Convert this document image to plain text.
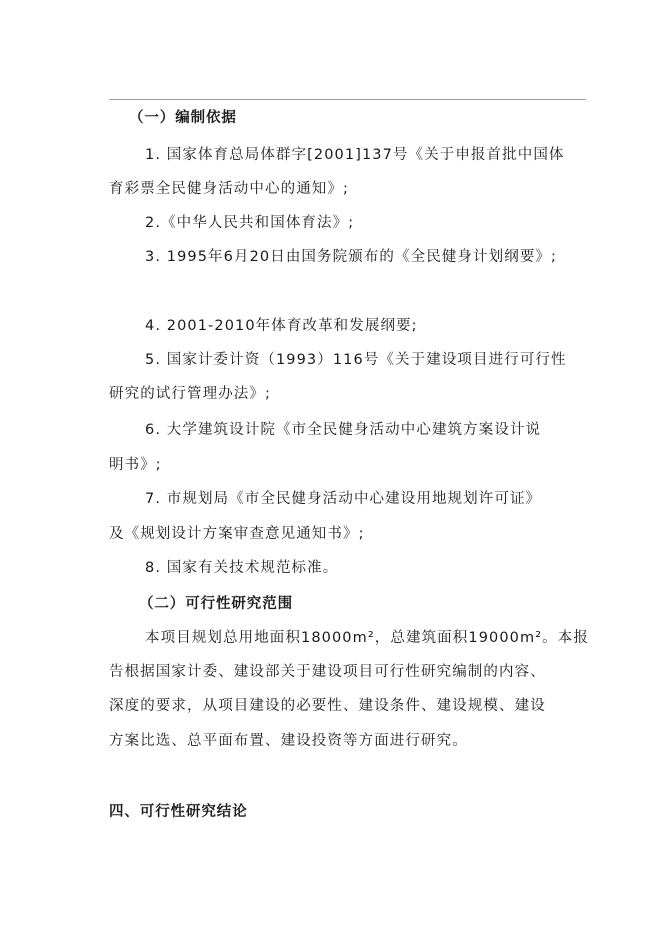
（一）编制依据
1. 国家体育总局体群字[2001]137号《关于申报首批中国体
育彩票全民健身活动中心的通知》;
2.《中华人民共和国体育法》;
3. 1995年6月20日由国务院颁布的《全民健身计划纲要》;
4. 2001-2010年体育改革和发展纲要;
5. 国家计委计资（1993）116号《关于建设项目进行可行性
研究的试行管理办法》;
6. 大学建筑设计院《市全民健身活动中心建筑方案设计说
明书》;
7. 市规划局《市全民健身活动中心建设用地规划许可证》
及《规划设计方案审查意见通知书》;
8. 国家有关技术规范标准。
（二）可行性研究范围
本项目规划总用地面积18000m²，总建筑面积19000m²。本报
告根据国家计委、建设部关于建设项目可行性研究编制的内容、
深度的要求，从项目建设的必要性、建设条件、建设规模、建设
方案比选、总平面布置、建设投资等方面进行研究。
四、可行性研究结论
